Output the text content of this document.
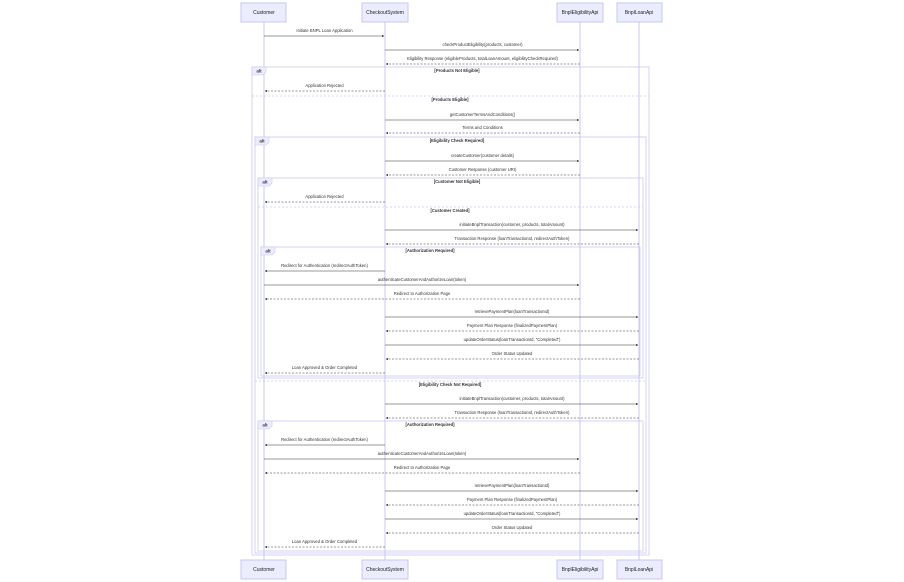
alt	[Products Not Eligible]
[Products Eligible]
alt	[Eligibility Check Required]
[Eligibility Check Not Required]
alt	[Customer Not Eligible]
[Customer Created]
alt	[Authorization Required]
alt	[Authorization Required]
Initiate BNPL Loan Application
checkProductEligibility(products, customer)
Eligibility Response (eligibleProducts, totalLoanAmount, eligibilityCheckRequired)
Application Rejected
getCustomerTermsAndConditions()
Terms and Conditions
createCustomer(customer details)
Customer Response (customer URI)
Application Rejected
initiateBnplTransaction(customer, products, totalAmount)
Transaction Response (loanTransactionId, redirectAuthToken)
Redirect for Authentication (redirectAuthToken)
authenticateCustomerAndAuthorizeLoan(token)
Redirect to Authorization Page
retrievePaymentPlan(loanTransactionId)
Payment Plan Response (finalizedPaymentPlan)
updateOrderStatus(loanTransactionId, "Completed")
Order Status Updated
Loan Approved & Order Completed
initiateBnplTransaction(customer, products, totalAmount)
Transaction Response (loanTransactionId, redirectAuthToken)
Redirect for Authentication (redirectAuthToken)
authenticateCustomerAndAuthorizeLoan(token)
Redirect to Authorization Page
retrievePaymentPlan(loanTransactionId)
Payment Plan Response (finalizedPaymentPlan)
updateOrderStatus(loanTransactionId, "Completed")
Order Status Updated
Loan Approved & Order Completed
Customer	CheckoutSystem	BnplEligibilityApi	BnplLoanApi
Customer	CheckoutSystem	BnplEligibilityApi	BnplLoanApi
